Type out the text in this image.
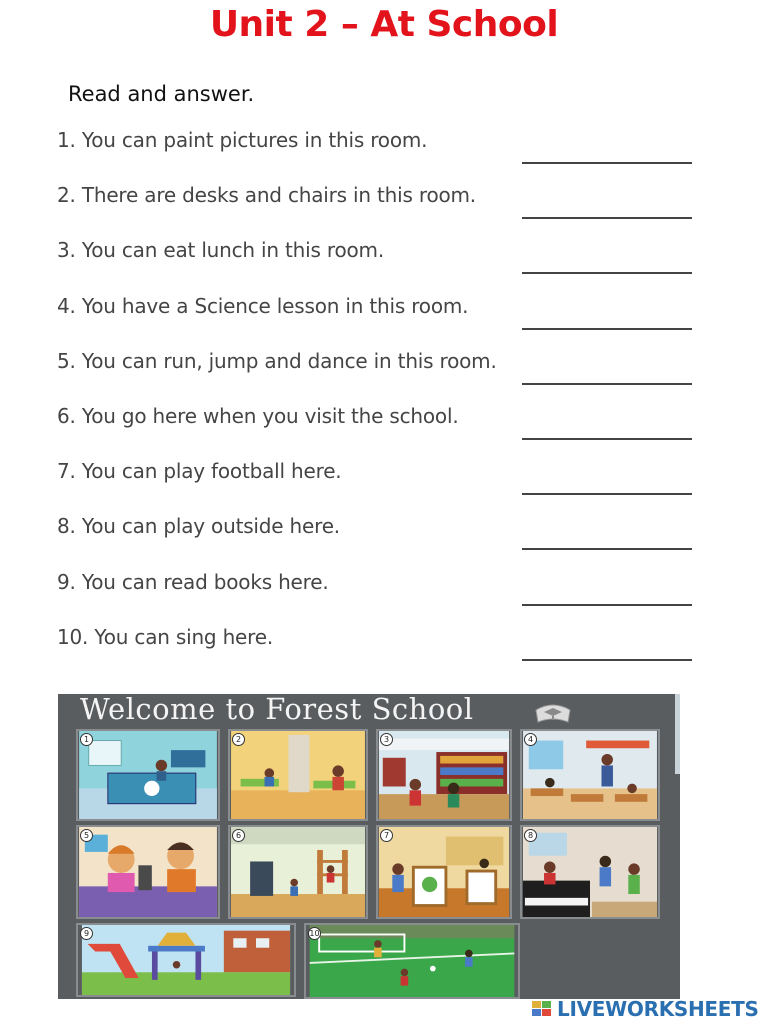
Unit 2 – At School
Read and answer.
1. You can paint pictures in this room.
2. There are desks and chairs in this room.
3. You can eat lunch in this room.
4. You have a Science lesson in this room.
5. You can run, jump and dance in this room.
6. You go here when you visit the school.
7. You can play football here.
8. You can play outside here.
9. You can read books here.
10. You can sing here.
Welcome to Forest School
1	2	3	4
5	6	7	8
9	10
LIVEWORKSHEETS
